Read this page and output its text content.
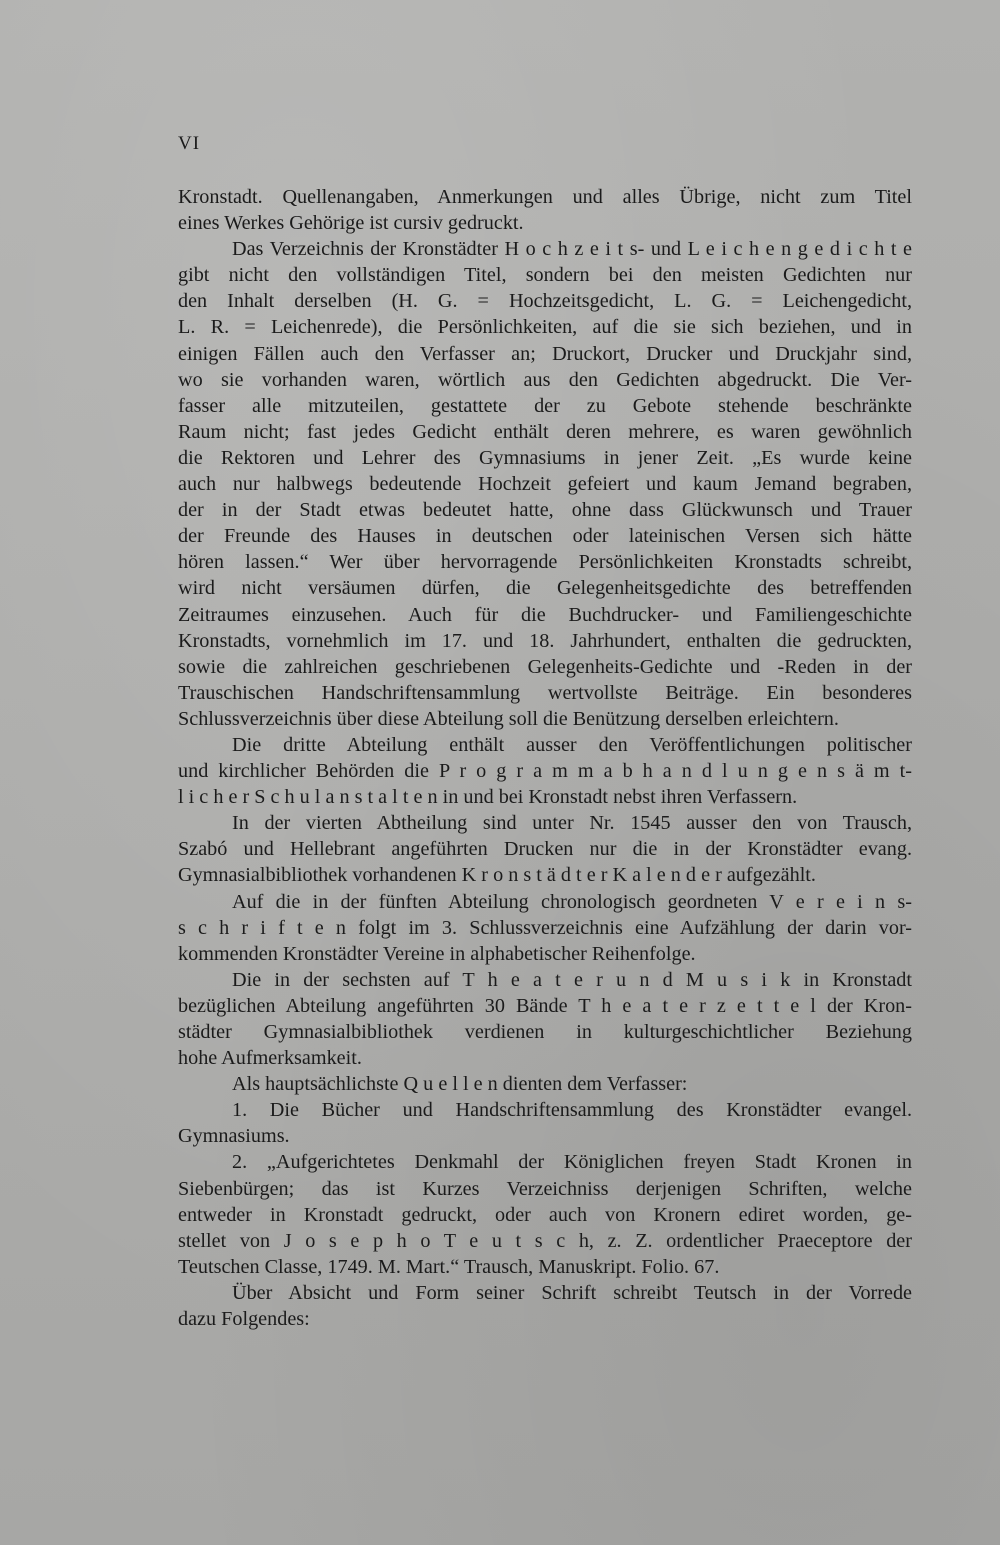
VI
Kronstadt. Quellenangaben, Anmerkungen und alles Übrige, nicht zum Titel
eines Werkes Gehörige ist cursiv gedruckt.
Das Verzeichnis der Kronstädter H o c h z e i t s- und L e i c h e n g e d i c h t e
gibt nicht den vollständigen Titel, sondern bei den meisten Gedichten nur
den Inhalt derselben (H. G. = Hochzeitsgedicht, L. G. = Leichengedicht,
L. R. = Leichenrede), die Persönlichkeiten, auf die sie sich beziehen, und in
einigen Fällen auch den Verfasser an; Druckort, Drucker und Druckjahr sind,
wo sie vorhanden waren, wörtlich aus den Gedichten abgedruckt. Die Ver-
fasser alle mitzuteilen, gestattete der zu Gebote stehende beschränkte
Raum nicht; fast jedes Gedicht enthält deren mehrere, es waren gewöhnlich
die Rektoren und Lehrer des Gymnasiums in jener Zeit. „Es wurde keine
auch nur halbwegs bedeutende Hochzeit gefeiert und kaum Jemand begraben,
der in der Stadt etwas bedeutet hatte, ohne dass Glückwunsch und Trauer
der Freunde des Hauses in deutschen oder lateinischen Versen sich hätte
hören lassen.“ Wer über hervorragende Persönlichkeiten Kronstadts schreibt,
wird nicht versäumen dürfen, die Gelegenheitsgedichte des betreffenden
Zeitraumes einzusehen. Auch für die Buchdrucker- und Familiengeschichte
Kronstadts, vornehmlich im 17. und 18. Jahrhundert, enthalten die gedruckten,
sowie die zahlreichen geschriebenen Gelegenheits-Gedichte und -Reden in der
Trauschischen Handschriftensammlung wertvollste Beiträge. Ein besonderes
Schlussverzeichnis über diese Abteilung soll die Benützung derselben erleichtern.
Die dritte Abteilung enthält ausser den Veröffentlichungen politischer
und kirchlicher Behörden die P r o g r a m m a b h a n d l u n g e n s ä m t-
l i c h e r S c h u l a n s t a l t e n in und bei Kronstadt nebst ihren Verfassern.
In der vierten Abtheilung sind unter Nr. 1545 ausser den von Trausch,
Szabó und Hellebrant angeführten Drucken nur die in der Kronstädter evang.
Gymnasialbibliothek vorhandenen K r o n s t ä d t e r K a l e n d e r aufgezählt.
Auf die in der fünften Abteilung chronologisch geordneten V e r e i n s-
s c h r i f t e n folgt im 3. Schlussverzeichnis eine Aufzählung der darin vor-
kommenden Kronstädter Vereine in alphabetischer Reihenfolge.
Die in der sechsten auf T h e a t e r u n d M u s i k in Kronstadt
bezüglichen Abteilung angeführten 30 Bände T h e a t e r z e t t e l der Kron-
städter Gymnasialbibliothek verdienen in kulturgeschichtlicher Beziehung
hohe Aufmerksamkeit.
Als hauptsächlichste Q u e l l e n dienten dem Verfasser:
1. Die Bücher und Handschriftensammlung des Kronstädter evangel.
Gymnasiums.
2. „Aufgerichtetes Denkmahl der Königlichen freyen Stadt Kronen in
Siebenbürgen; das ist Kurzes Verzeichniss derjenigen Schriften, welche
entweder in Kronstadt gedruckt, oder auch von Kronern ediret worden, ge-
stellet von J o s e p h o T e u t s c h, z. Z. ordentlicher Praeceptore der
Teutschen Classe, 1749. M. Mart.“ Trausch, Manuskript. Folio. 67.
Über Absicht und Form seiner Schrift schreibt Teutsch in der Vorrede
dazu Folgendes:
